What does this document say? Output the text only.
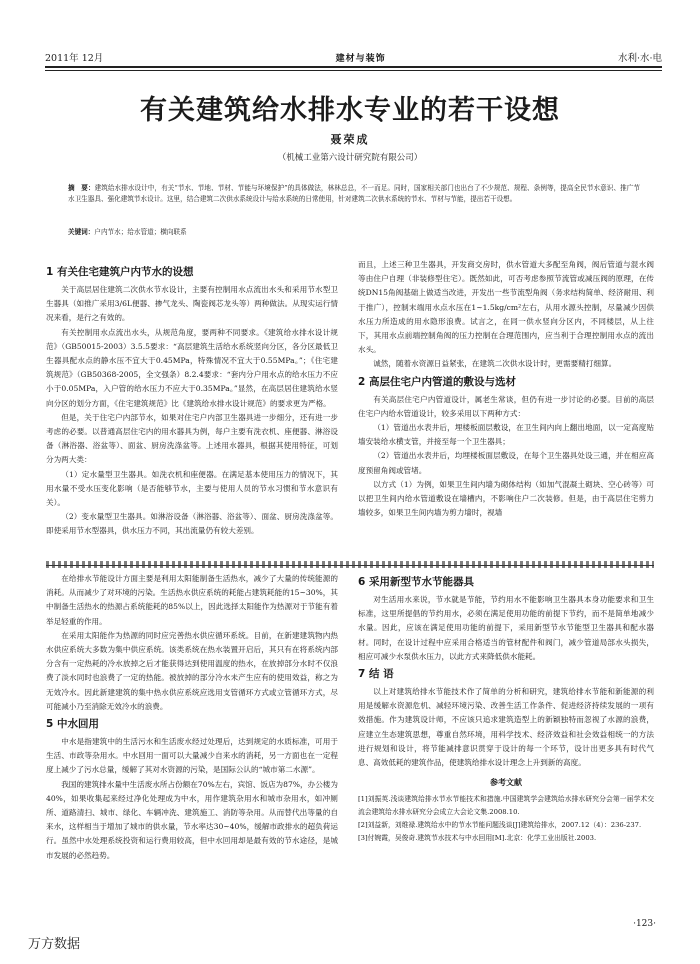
2011年 12月	建材与装饰	水利·水·电
有关建筑给水排水专业的若干设想
聂荣成
（机械工业第六设计研究院有限公司）
摘　要：建筑给水排水设计中，有关“节水、节地、节材、节能与环境保护”的具体做法，林林总总，不一而足。同时，国家相关部门也出台了不少规范、规程、条例等，提高全民节水意识、推广节水卫生器具、强化建筑节水设计。这里，结合建筑二次供水系统设计与给水系统的日常使用，针对建筑二次供水系统的节水、节材与节能，提出若干设想。
关键词：户内节水；给水管道；横向联系
1 有关住宅建筑户内节水的设想

关于高层居住建筑二次供水节水设计，主要有控制用水点流出水头和采用节水型卫生器具（如推广采用3/6L便器、掺气龙头、陶瓷阀芯龙头等）两种做法。从现实运行情况来看，是行之有效的。

有关控制用水点流出水头，从规范角度，要两种不同要求。《建筑给水排水设计规范》（GB50015-2003）3.5.5要求：“高层建筑生活给水系统竖向分区，各分区最低卫生器具配水点的静水压不宜大于0.45MPa，特殊情况不宜大于0.55MPa。”；《住宅建筑规范》（GB50368-2005，全文强条）8.2.4要求：“套内分户用水点的给水压力不应小于0.05MPa，入户管的给水压力不应大于0.35MPa。”显然，在高层居住建筑给水竖向分区的划分方面，《住宅建筑规范》比《建筑给水排水设计规范》的要求更为严格。

但是，关于住宅户内部节水，如果对住宅户内部卫生器具进一步细分，还有进一步考虑的必要。以普通高层住宅内的用水器具为例，每户主要有洗衣机、座便器、淋浴设备（淋浴器、浴盆等）、面盆、厨房洗涤盆等。上述用水器具，根据其使用特征，可划分为两大类：

（1）定水量型卫生器具。如洗衣机和座便器。在满足基本使用压力的情况下，其用水量不受水压变化影响（是否能够节水，主要与使用人员的节水习惯和节水意识有关）。

（2）变水量型卫生器具。如淋浴设备（淋浴器、浴盆等）、面盆、厨房洗涤盆等。即使采用节水型器具，供水压力不同，其出流量仍有较大差别。

而且，上述三种卫生器具，开发商交房时，供水管道大多配至角阀，阀后管道与混水阀等由住户自理（非装修型住宅）。既然如此，可否考虑参照节流管或减压阀的原理，在传统DN15角阀基础上做适当改进，开发出一些节流型角阀（务求结构简单、经济耐用、利于推广），控制末端用水点水压在1~1.5kg/cm²左右，从用水源头控制，尽量减少因供水压力所造成的用水隐形浪费。试言之，在同一供水竖向分区内，不同楼层，从上往下，其用水点前端控制角阀的压力控制在合理范围内，应当利于合理控制用水点的流出水头。

诚然，随着水资源日益紧张，在建筑二次供水设计时，更需要精打细算。

2 高层住宅户内管道的敷设与选材

有关高层住宅户内管道设计，属老生常谈，但仍有进一步讨论的必要。目前的高层住宅户内给水管道设计，较多采用以下两种方式：

（1）管道出水表井后，埋楼板面层敷设，在卫生间内向上翻出地面，以一定高度贴墙安装给水横支管，并接至每一个卫生器具；

（2）管道出水表井后，均埋楼板面层敷设，在每个卫生器具处设三通，并在相应高度预留角阀或管堵。

以方式（1）为例，如果卫生间内墙为砌体结构（如加气混凝土砌块、空心砖等）可以把卫生间内给水管道敷设在墙槽内，不影响住户二次装修。但是，由于高层住宅剪力墙较多，如果卫生间内墙为剪力墙时，视墙

在给排水节能设计方面主要是利用太阳能制备生活热水，减少了大量的传统能源的消耗。从而减少了对环境的污染。生活热水供应系统的耗能占建筑耗能的15~30%，其中制备生活热水的热源占系统能耗的85%以上，因此选择太阳能作为热源对于节能有着举足轻重的作用。

在采用太阳能作为热源的同时应完善热水供应循环系统。目前，在新建建筑物内热水供应系统大多数为集中供应系统。该类系统在热水装置开启后，其只有在将系统内部分含有一定热耗的冷水放掉之后才能获得达到使用温度的热水，在放掉部分水时不仅浪费了淡水同时也浪费了一定的热能。被放掉的部分冷水未产生应有的使用效益，称之为无效冷水。因此新建建筑的集中热水供应系统应选用支管循环方式或立管循环方式，尽可能减小乃至消除无效冷水的浪费。

5 中水回用

中水是指建筑中的生活污水和生活废水经过处理后，达到规定的水质标准，可用于生活、市政等杂用水。中水回用一面可以大量减少自来水的消耗，另一方面也在一定程度上减少了污水总量，缓解了其对水资源的污染，是国际公认的“城市第二水源”。

我国的建筑排水量中生活废水所占份额在70%左右，宾馆、饭店为87%，办公楼为40%，如果收集起来经过净化处理成为中水，用作建筑杂用水和城市杂用水，如冲厕所、道路清扫、城市、绿化、车辆冲洗、建筑施工、消防等杂用。从而替代出等量的自来水，这样相当于增加了城市的供水量，节水率达30~40%，缓解市政排水的超负荷运行。虽然中水处理系统投资和运行费用较高，但中水回用却是最有效的节水途径，是城市发展的必然趋势。

6 采用新型节水节能器具

对生活用水来说，节水就是节能，节约用水不能影响卫生器具本身功能要求和卫生标准，这里所提倡的节约用水，必须在满足使用功能的前提下节约，而不是简单地减少水量。因此，应该在满足使用功能的前提下，采用新型节水节能型卫生器具和配水器材。同时，在设计过程中应采用合格适当的管材配件和阀门，减少管道局部水头损失，相应可减少水泵供水压力，以此方式来降低供水能耗。

7 结 语

以上对建筑给排水节能技术作了简单的分析和研究，建筑给排水节能和新能源的利用是缓解水资源危机、减轻环境污染、改善生活工作条件、促进经济持续发展的一项有效措施。作为建筑设计师，不应该只追求建筑造型上的新颖独特而忽视了水源的浪费，应建立生态建筑思想，尊重自然环境，用科学技术、经济效益和社会效益相统一的方法进行规划和设计，将节能减排意识贯穿于设计的每一个环节，设计出更多具有时代气息、高效低耗的建筑作品，使建筑给排水设计理念上升到新的高度。

参考文献
[1]刘振英.浅谈建筑给排水节水节能技术和措施.中国建筑学会建筑给水排水研究分会第一届学术交流会建筑给水排水研究分会成立大会论文集.2008.10.
[2]刘益新，刘维禄.建筑给水中的节水节能问题浅谈[J]建筑给排水，2007.12（4）：236-237.
[3]付婉霞，吴俊奇.建筑节水技术与中水回用[M].北京：化学工业出版社.2003.
·123·
万方数据
